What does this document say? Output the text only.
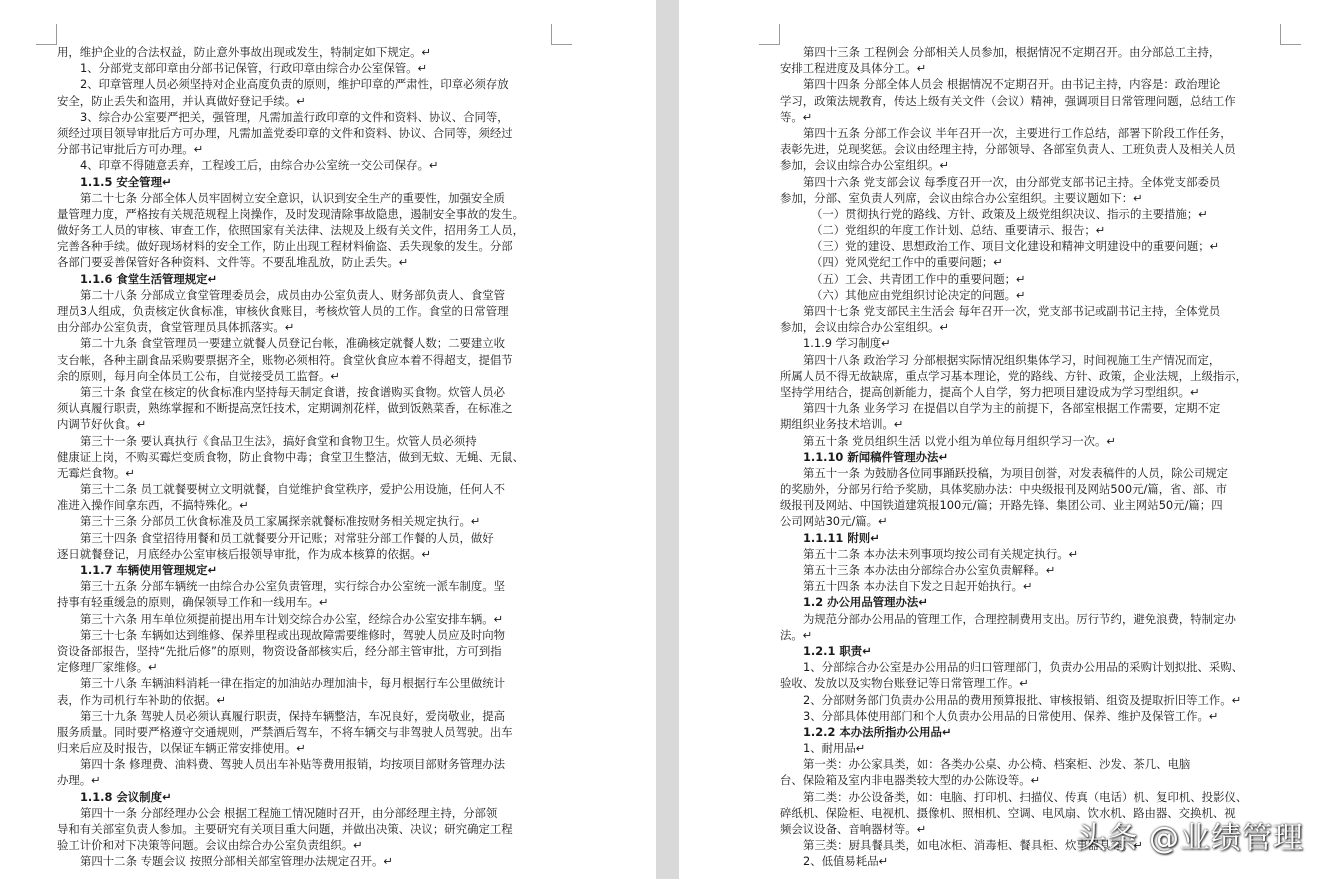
用，维护企业的合法权益，防止意外事故出现或发生，特制定如下规定。↵
1、分部党支部印章由分部书记保管，行政印章由综合办公室保管。↵
2、印章管理人员必须坚持对企业高度负责的原则，维护印章的严肃性，印章必须存放
安全，防止丢失和盗用，并认真做好登记手续。↵
3、综合办公室要严把关，强管理，凡需加盖行政印章的文件和资料、协议、合同等，
须经过项目领导审批后方可办理，凡需加盖党委印章的文件和资料、协议、合同等，须经过
分部书记审批后方可办理。↵
4、印章不得随意丢弃，工程竣工后，由综合办公室统一交公司保存。↵
1.1.5 安全管理↵
第二十七条 分部全体人员牢固树立安全意识，认识到安全生产的重要性，加强安全质
量管理力度，严格按有关规范规程上岗操作，及时发现清除事故隐患，遏制安全事故的发生。
做好务工人员的审核、审查工作，依照国家有关法律、法规及上级有关文件，招用务工人员，
完善各种手续。做好现场材料的安全工作，防止出现工程材料偷盗、丢失现象的发生。分部
各部门要妥善保管好各种资料、文件等。不要乱堆乱放，防止丢失。↵
1.1.6 食堂生活管理规定↵
第二十八条 分部成立食堂管理委员会，成员由办公室负责人、财务部负责人、食堂管
理员3人组成，负责核定伙食标准，审核伙食账目，考核炊管人员的工作。食堂的日常管理
由分部办公室负责，食堂管理员具体抓落实。↵
第二十九条 食堂管理员一要建立就餐人员登记台帐，准确核定就餐人数；二要建立收
支台帐，各种主副食品采购要票据齐全，账物必须相符。食堂伙食应本着不得超支，提倡节
余的原则，每月向全体员工公布，自觉接受员工监督。↵
第三十条 食堂在核定的伙食标准内坚持每天制定食谱，按食谱购买食物。炊管人员必
须认真履行职责，熟练掌握和不断提高烹饪技术，定期调剂花样，做到饭熟菜香，在标准之
内调节好伙食。↵
第三十一条 要认真执行《食品卫生法》，搞好食堂和食物卫生。炊管人员必须持
健康证上岗，不购买霉烂变质食物，防止食物中毒；食堂卫生整洁，做到无蚊、无蝇、无鼠、
无霉烂食物。↵
第三十二条 员工就餐要树立文明就餐，自觉维护食堂秩序，爱护公用设施，任何人不
准进入操作间拿东西，不搞特殊化。↵
第三十三条 分部员工伙食标准及员工家属探亲就餐标准按财务相关规定执行。↵
第三十四条 食堂招待用餐和员工就餐要分开记账；对常驻分部工作餐的人员，做好
逐日就餐登记，月底经办公室审核后报领导审批，作为成本核算的依据。↵
1.1.7 车辆使用管理规定↵
第三十五条 分部车辆统一由综合办公室负责管理，实行综合办公室统一派车制度。坚
持事有轻重缓急的原则，确保领导工作和一线用车。↵
第三十六条 用车单位须提前提出用车计划交综合办公室，经综合办公室安排车辆。↵
第三十七条 车辆如达到维修、保养里程或出现故障需要维修时，驾驶人员应及时向物
资设备部报告，坚持“先批后修”的原则，物资设备部核实后，经分部主管审批，方可到指
定修理厂家维修。↵
第三十八条 车辆油料消耗一律在指定的加油站办理加油卡，每月根据行车公里做统计
表，作为司机行车补助的依据。↵
第三十九条 驾驶人员必须认真履行职责，保持车辆整洁，车况良好，爱岗敬业，提高
服务质量。同时要严格遵守交通规则，严禁酒后驾车，不将车辆交与非驾驶人员驾驶。出车
归来后应及时报告，以保证车辆正常安排使用。↵
第四十条 修理费、油料费、驾驶人员出车补贴等费用报销，均按项目部财务管理办法
办理。↵
1.1.8 会议制度↵
第四十一条 分部经理办公会 根据工程施工情况随时召开，由分部经理主持，分部领
导和有关部室负责人参加。主要研究有关项目重大问题，并做出决策、决议；研究确定工程
验工计价和对下决策等问题。会议由综合办公室负责组织。↵
第四十二条 专题会议 按照分部相关部室管理办法规定召开。↵
第四十三条 工程例会 分部相关人员参加，根据情况不定期召开。由分部总工主持，
安排工程进度及具体分工。↵
第四十四条 分部全体人员会 根据情况不定期召开。由书记主持，内容是：政治理论
学习，政策法规教育，传达上级有关文件（会议）精神，强调项目日常管理问题，总结工作
等。↵
第四十五条 分部工作会议 半年召开一次，主要进行工作总结，部署下阶段工作任务，
表彰先进，兑现奖惩。会议由经理主持，分部领导、各部室负责人、工班负责人及相关人员
参加，会议由综合办公室组织。↵
第四十六条 党支部会议 每季度召开一次，由分部党支部书记主持。全体党支部委员
参加，分部、室负责人列席，会议由综合办公室组织。主要议题如下：↵
（一）贯彻执行党的路线、方针、政策及上级党组织决议、指示的主要措施；↵
（二）党组织的年度工作计划、总结、重要请示、报告；↵
（三）党的建设、思想政治工作、项目文化建设和精神文明建设中的重要问题；↵
（四）党风党纪工作中的重要问题；↵
（五）工会、共青团工作中的重要问题；↵
（六）其他应由党组织讨论决定的问题。↵
第四十七条 党支部民主生活会 每年召开一次，党支部书记或副书记主持，全体党员
参加，会议由综合办公室组织。↵
1.1.9 学习制度↵
第四十八条 政治学习 分部根据实际情况组织集体学习，时间视施工生产情况而定，
所属人员不得无故缺席，重点学习基本理论，党的路线、方针、政策，企业法规，上级指示，
坚持学用结合，提高创新能力，提高个人自学，努力把项目建设成为学习型组织。↵
第四十九条 业务学习 在提倡以自学为主的前提下，各部室根据工作需要，定期不定
期组织业务技术培训。↵
第五十条 党员组织生活 以党小组为单位每月组织学习一次。↵
1.1.10 新闻稿件管理办法↵
第五十一条 为鼓励各位同事踊跃投稿，为项目创誉，对发表稿件的人员，除公司规定
的奖励外，分部另行给予奖励，具体奖励办法：中央级报刊及网站500元/篇，省、部、市
级报刊及网站、中国铁道建筑报100元/篇；开路先锋、集团公司、业主网站50元/篇；四
公司网站30元/篇。↵
1.1.11 附则↵
第五十二条 本办法未列事项均按公司有关规定执行。↵
第五十三条 本办法由分部综合办公室负责解释。↵
第五十四条 本办法自下发之日起开始执行。↵
1.2 办公用品管理办法↵
为规范分部办公用品的管理工作，合理控制费用支出。厉行节约，避免浪费，特制定办
法。↵
1.2.1 职责↵
1、分部综合办公室是办公用品的归口管理部门，负责办公用品的采购计划拟批、采购、
验收、发放以及实物台账登记等日常管理工作。↵
2、分部财务部门负责办公用品的费用预算报批、审核报销、组资及提取折旧等工作。↵
3、分部具体使用部门和个人负责办公用品的日常使用、保养、维护及保管工作。↵
1.2.2 本办法所指办公用品↵
1、耐用品↵
第一类：办公家具类，如：各类办公桌、办公椅、档案柜、沙发、茶几、电脑
台、保险箱及室内非电器类较大型的办公陈设等。↵
第二类：办公设备类，如：电脑、打印机、扫描仪、传真（电话）机、复印机、投影仪、
碎纸机、保险柜、电视机、摄像机、照相机、空调、电风扇、饮水机、路由器、交换机、视
频会议设备、音响器材等。↵
第三类：厨具餐具类，如电冰柜、消毒柜、餐具柜、炊事器具等。↵
2、低值易耗品↵
头条 @业绩管理
